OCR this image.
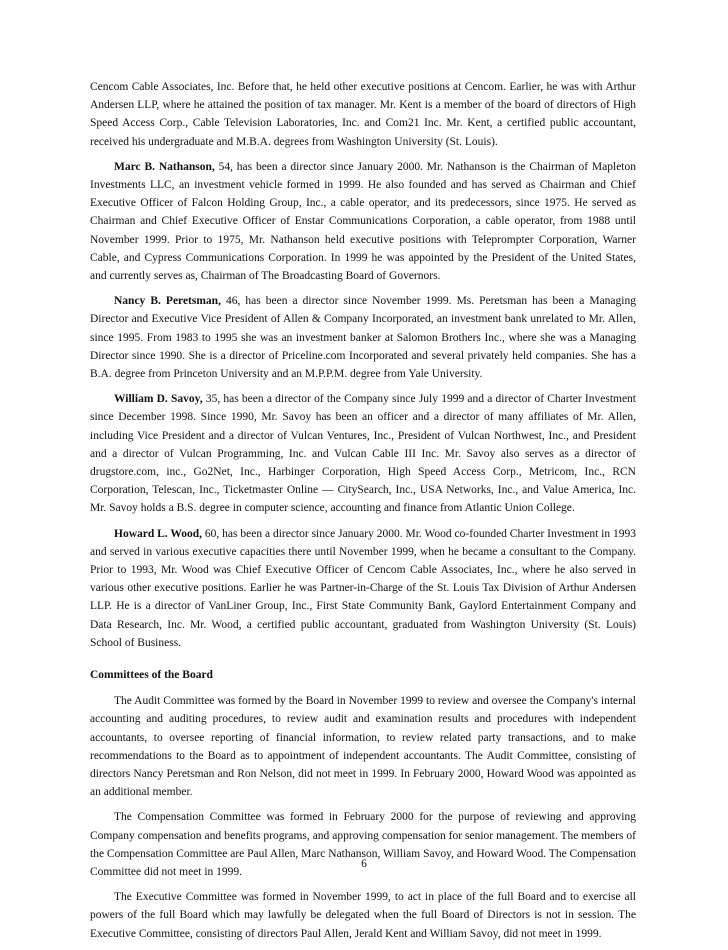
Cencom Cable Associates, Inc. Before that, he held other executive positions at Cencom. Earlier, he was with Arthur Andersen LLP, where he attained the position of tax manager. Mr. Kent is a member of the board of directors of High Speed Access Corp., Cable Television Laboratories, Inc. and Com21 Inc. Mr. Kent, a certified public accountant, received his undergraduate and M.B.A. degrees from Washington University (St. Louis).

Marc B. Nathanson, 54, has been a director since January 2000. Mr. Nathanson is the Chairman of Mapleton Investments LLC, an investment vehicle formed in 1999. He also founded and has served as Chairman and Chief Executive Officer of Falcon Holding Group, Inc., a cable operator, and its predecessors, since 1975. He served as Chairman and Chief Executive Officer of Enstar Communications Corporation, a cable operator, from 1988 until November 1999. Prior to 1975, Mr. Nathanson held executive positions with Teleprompter Corporation, Warner Cable, and Cypress Communications Corporation. In 1999 he was appointed by the President of the United States, and currently serves as, Chairman of The Broadcasting Board of Governors.

Nancy B. Peretsman, 46, has been a director since November 1999. Ms. Peretsman has been a Managing Director and Executive Vice President of Allen & Company Incorporated, an investment bank unrelated to Mr. Allen, since 1995. From 1983 to 1995 she was an investment banker at Salomon Brothers Inc., where she was a Managing Director since 1990. She is a director of Priceline.com Incorporated and several privately held companies. She has a B.A. degree from Princeton University and an M.P.P.M. degree from Yale University.

William D. Savoy, 35, has been a director of the Company since July 1999 and a director of Charter Investment since December 1998. Since 1990, Mr. Savoy has been an officer and a director of many affiliates of Mr. Allen, including Vice President and a director of Vulcan Ventures, Inc., President of Vulcan Northwest, Inc., and President and a director of Vulcan Programming, Inc. and Vulcan Cable III Inc. Mr. Savoy also serves as a director of drugstore.com, inc., Go2Net, Inc., Harbinger Corporation, High Speed Access Corp., Metricom, Inc., RCN Corporation, Telescan, Inc., Ticketmaster Online — CitySearch, Inc., USA Networks, Inc., and Value America, Inc. Mr. Savoy holds a B.S. degree in computer science, accounting and finance from Atlantic Union College.

Howard L. Wood, 60, has been a director since January 2000. Mr. Wood co-founded Charter Investment in 1993 and served in various executive capacities there until November 1999, when he became a consultant to the Company. Prior to 1993, Mr. Wood was Chief Executive Officer of Cencom Cable Associates, Inc., where he also served in various other executive positions. Earlier he was Partner-in-Charge of the St. Louis Tax Division of Arthur Andersen LLP. He is a director of VanLiner Group, Inc., First State Community Bank, Gaylord Entertainment Company and Data Research, Inc. Mr. Wood, a certified public accountant, graduated from Washington University (St. Louis) School of Business.

Committees of the Board

The Audit Committee was formed by the Board in November 1999 to review and oversee the Company's internal accounting and auditing procedures, to review audit and examination results and procedures with independent accountants, to oversee reporting of financial information, to review related party transactions, and to make recommendations to the Board as to appointment of independent accountants. The Audit Committee, consisting of directors Nancy Peretsman and Ron Nelson, did not meet in 1999. In February 2000, Howard Wood was appointed as an additional member.

The Compensation Committee was formed in February 2000 for the purpose of reviewing and approving Company compensation and benefits programs, and approving compensation for senior management. The members of the Compensation Committee are Paul Allen, Marc Nathanson, William Savoy, and Howard Wood. The Compensation Committee did not meet in 1999.

The Executive Committee was formed in November 1999, to act in place of the full Board and to exercise all powers of the full Board which may lawfully be delegated when the full Board of Directors is not in session. The Executive Committee, consisting of directors Paul Allen, Jerald Kent and William Savoy, did not meet in 1999.

6
